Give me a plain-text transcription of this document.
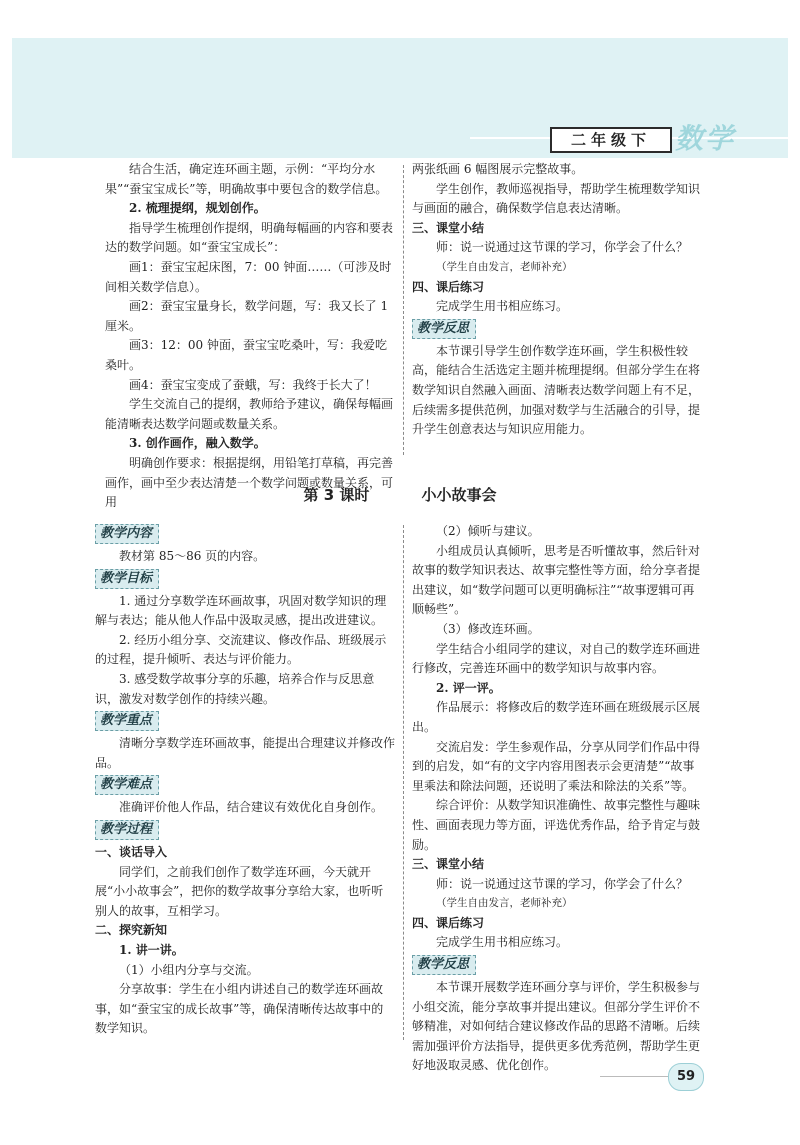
二年级下 数学

结合生活，确定连环画主题，示例：“平均分水果”“蚕宝宝成长”等，明确故事中要包含的数学信息。

2. 梳理提纲，规划创作。

指导学生梳理创作提纲，明确每幅画的内容和要表达的数学问题。如“蚕宝宝成长”：

画1：蚕宝宝起床图，7：00 钟面……（可涉及时间相关数学信息）。

画2：蚕宝宝量身长，数学问题，写：我又长了 1 厘米。

画3：12：00 钟面，蚕宝宝吃桑叶，写：我爱吃桑叶。

画4：蚕宝宝变成了蚕蛾，写：我终于长大了！

学生交流自己的提纲，教师给予建议，确保每幅画能清晰表达数学问题或数量关系。

3. 创作画作，融入数学。

明确创作要求：根据提纲，用铅笔打草稿，再完善画作，画中至少表达清楚一个数学问题或数量关系，可用

两张纸画 6 幅图展示完整故事。

学生创作，教师巡视指导，帮助学生梳理数学知识与画面的融合，确保数学信息表达清晰。

三、课堂小结

师：说一说通过这节课的学习，你学会了什么？

（学生自由发言，老师补充）

四、课后练习

完成学生用书相应练习。

教学反思

本节课引导学生创作数学连环画，学生积极性较高，能结合生活选定主题并梳理提纲。但部分学生在将数学知识自然融入画面、清晰表达数学问题上有不足，后续需多提供范例，加强对数学与生活融合的引导，提升学生创意表达与知识应用能力。

第 3 课时	小小故事会
教学内容

教材第 85～86 页的内容。

教学目标

1. 通过分享数学连环画故事，巩固对数学知识的理解与表达；能从他人作品中汲取灵感，提出改进建议。

2. 经历小组分享、交流建议、修改作品、班级展示的过程，提升倾听、表达与评价能力。

3. 感受数学故事分享的乐趣，培养合作与反思意识，激发对数学创作的持续兴趣。

教学重点

清晰分享数学连环画故事，能提出合理建议并修改作品。

教学难点

准确评价他人作品，结合建议有效优化自身创作。

教学过程

一、谈话导入

同学们，之前我们创作了数学连环画，今天就开展“小小故事会”，把你的数学故事分享给大家，也听听别人的故事，互相学习。

二、探究新知

1. 讲一讲。

（1）小组内分享与交流。

分享故事：学生在小组内讲述自己的数学连环画故事，如“蚕宝宝的成长故事”等，确保清晰传达故事中的数学知识。

（2）倾听与建议。

小组成员认真倾听，思考是否听懂故事，然后针对故事的数学知识表达、故事完整性等方面，给分享者提出建议，如“数学问题可以更明确标注”“故事逻辑可再顺畅些”。

（3）修改连环画。

学生结合小组同学的建议，对自己的数学连环画进行修改，完善连环画中的数学知识与故事内容。

2. 评一评。

作品展示：将修改后的数学连环画在班级展示区展出。

交流启发：学生参观作品，分享从同学们作品中得到的启发，如“有的文字内容用图表示会更清楚”“故事里乘法和除法问题，还说明了乘法和除法的关系”等。

综合评价：从数学知识准确性、故事完整性与趣味性、画面表现力等方面，评选优秀作品，给予肯定与鼓励。

三、课堂小结

师：说一说通过这节课的学习，你学会了什么？

（学生自由发言，老师补充）

四、课后练习

完成学生用书相应练习。

教学反思

本节课开展数学连环画分享与评价，学生积极参与小组交流，能分享故事并提出建议。但部分学生评价不够精准，对如何结合建议修改作品的思路不清晰。后续需加强评价方法指导，提供更多优秀范例，帮助学生更好地汲取灵感、优化创作。

59
